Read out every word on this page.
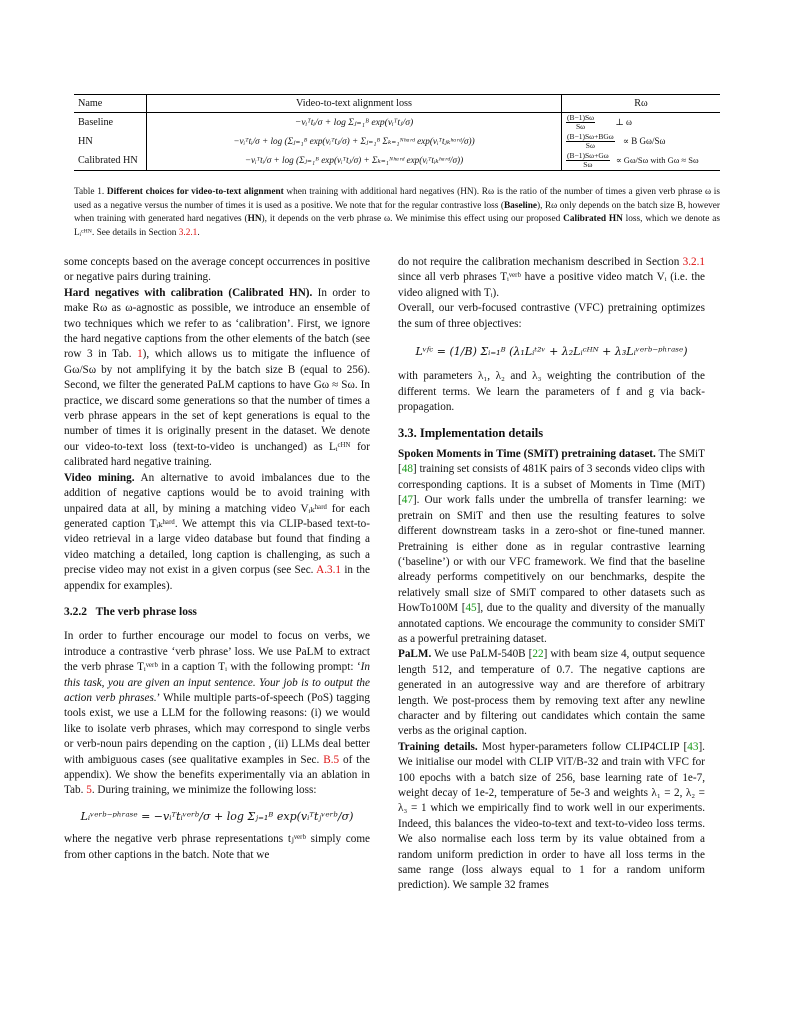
Name	Video-to-text alignment loss	Rω
Baseline	−vᵢᵀtᵢ/σ + log Σⱼ₌₁ᴮ exp(vᵢᵀtⱼ/σ)	$\frac{(B-1)S\omega}{S\omega}$ ⊥ ω
HN	−vᵢᵀtᵢ/σ + log (Σⱼ₌₁ᴮ exp(vᵢᵀtⱼ/σ) + Σⱼ₌₁ᴮ Σₖ₌₁ᴺʰᵃʳᵈ exp(vᵢᵀtⱼₖʰᵃʳᵈ/σ))	$\frac{\text{(B−1)Sω+BGω}}{S\omega} \propto B$ Gω/Sω
Calibrated HN	−vᵢᵀtᵢ/σ + log (Σⱼ₌₁ᴮ exp(vᵢᵀtⱼ/σ) + Σₖ₌₁ᴺʰᵃʳᵈ exp(vᵢᵀtᵢₖʰᵃʳᵈ/σ))	$\frac{(B-1)S\omega+G\omega}{S\omega} \propto G\omega/S\omega$ with Gω ≈ Sω
Table 1. Different choices for video-to-text alignment when training with additional hard negatives (HN). Rω is the ratio of the number of times a given verb phrase ω is used as a negative versus the number of times it is used as a positive. We note that for the regular contrastive loss (Baseline), Rω only depends on the batch size B, however when training with generated hard negatives (HN), it depends on the verb phrase ω. We minimise this effect using our proposed Calibrated HN loss, which we denote as Lᵢᶜᴴᴺ. See details in Section 3.2.1.

some concepts based on the average concept occurrences in positive or negative pairs during training.

Hard negatives with calibration (Calibrated HN). In order to make Rω as ω-agnostic as possible, we introduce an ensemble of two techniques which we refer to as ‘calibration’. First, we ignore the hard negative captions from the other elements of the batch (see row 3 in Tab. 1), which allows us to mitigate the influence of Gω/Sω by not amplifying it by the batch size B (equal to 256). Second, we filter the generated PaLM captions to have Gω ≈ Sω. In practice, we discard some generations so that the number of times a verb phrase appears in the set of kept generations is equal to the number of times it is originally present in the dataset. We denote our video-to-text loss (text-to-video is unchanged) as Lᵢᶜᴴᴺ for calibrated hard negative training.

Video mining. An alternative to avoid imbalances due to the addition of negative captions would be to avoid training with unpaired data at all, by mining a matching video Vᵢₖʰᵃʳᵈ for each generated caption Tᵢₖʰᵃʳᵈ. We attempt this via CLIP-based text-to-video retrieval in a large video database but found that finding a video matching a detailed, long caption is challenging, as such a precise video may not exist in a given corpus (see Sec. A.3.1 in the appendix for examples).

3.2.2 The verb phrase loss

In order to further encourage our model to focus on verbs, we introduce a contrastive ‘verb phrase’ loss. We use PaLM to extract the verb phrase Tᵢᵛᵉʳᵇ in a caption Tᵢ with the following prompt: ‘In this task, you are given an input sentence. Your job is to output the action verb phrases.’ While multiple parts-of-speech (PoS) tagging tools exist, we use a LLM for the following reasons: (i) we would like to isolate verb phrases, which may correspond to single verbs or verb-noun pairs depending on the caption , (ii) LLMs deal better with ambiguous cases (see qualitative examples in Sec. B.5 of the appendix). We show the benefits experimentally via an ablation in Tab. 5. During training, we minimize the following loss:

Lᵢᵛᵉʳᵇ⁻ᵖʰʳᵃˢᵉ = −vᵢᵀtᵢᵛᵉʳᵇ/σ + log Σⱼ₌₁ᴮ exp(vᵢᵀtⱼᵛᵉʳᵇ/σ)

where the negative verb phrase representations tⱼᵛᵉʳᵇ simply come from other captions in the batch. Note that we

do not require the calibration mechanism described in Section 3.2.1 since all verb phrases Tᵢᵛᵉʳᵇ have a positive video match Vᵢ (i.e. the video aligned with Tᵢ).

Overall, our verb-focused contrastive (VFC) pretraining optimizes the sum of three objectives:

Lᵛᶠᶜ = (1/B) Σᵢ₌₁ᴮ (λ₁Lᵢᵗ²ᵛ + λ₂Lᵢᶜᴴᴺ + λ₃Lᵢᵛᵉʳᵇ⁻ᵖʰʳᵃˢᵉ)

with parameters λ₁, λ₂ and λ₃ weighting the contribution of the different terms. We learn the parameters of f and g via back-propagation.

3.3. Implementation details

Spoken Moments in Time (SMiT) pretraining dataset. The SMiT [48] training set consists of 481K pairs of 3 seconds video clips with corresponding captions. It is a subset of Moments in Time (MiT) [47]. Our work falls under the umbrella of transfer learning: we pretrain on SMiT and then use the resulting features to solve different downstream tasks in a zero-shot or fine-tuned manner. Pretraining is either done as in regular contrastive learning (‘baseline’) or with our VFC framework. We find that the baseline already performs competitively on our benchmarks, despite the relatively small size of SMiT compared to other datasets such as HowTo100M [45], due to the quality and diversity of the manually annotated captions. We encourage the community to consider SMiT as a powerful pretraining dataset.

PaLM. We use PaLM-540B [22] with beam size 4, output sequence length 512, and temperature of 0.7. The negative captions are generated in an autogressive way and are therefore of arbitrary length. We post-process them by removing text after any newline character and by filtering out candidates which contain the same verbs as the original caption.

Training details. Most hyper-parameters follow CLIP4CLIP [43]. We initialise our model with CLIP ViT/B-32 and train with VFC for 100 epochs with a batch size of 256, base learning rate of 1e-7, weight decay of 1e-2, temperature of 5e-3 and weights λ₁ = 2, λ₂ = λ₃ = 1 which we empirically find to work well in our experiments. Indeed, this balances the video-to-text and text-to-video loss terms. We also normalise each loss term by its value obtained from a random uniform prediction in order to have all loss terms in the same range (loss always equal to 1 for a random uniform prediction). We sample 32 frames
